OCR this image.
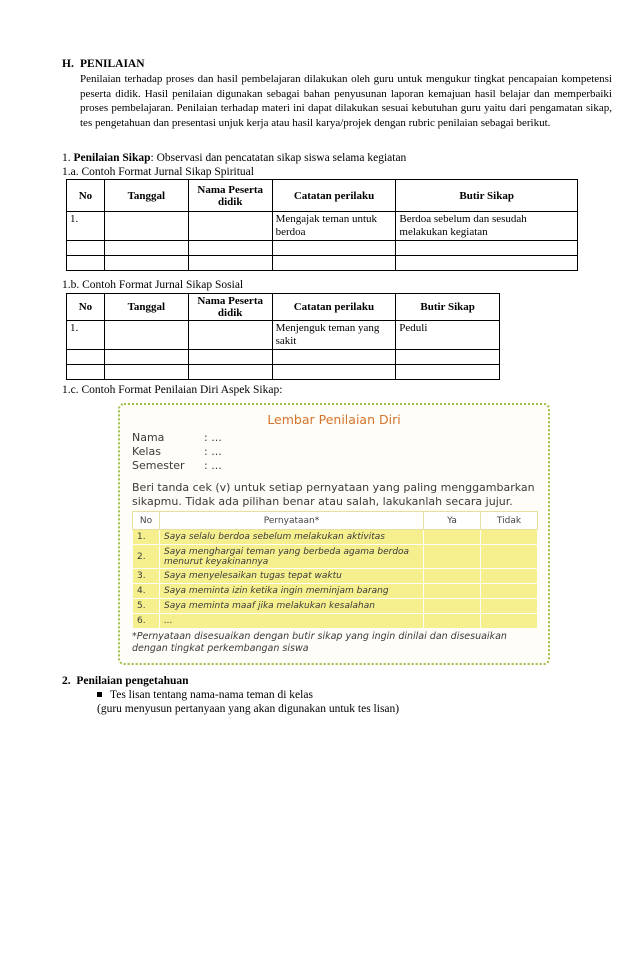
H. PENILAIAN
Penilaian terhadap proses dan hasil pembelajaran dilakukan oleh guru untuk mengukur tingkat pencapaian kompetensi peserta didik. Hasil penilaian digunakan sebagai bahan penyusunan laporan kemajuan hasil belajar dan memperbaiki proses pembelajaran. Penilaian terhadap materi ini dapat dilakukan sesuai kebutuhan guru yaitu dari pengamatan sikap, tes pengetahuan dan presentasi unjuk kerja atau hasil karya/projek dengan rubric penilaian sebagai berikut.
1. Penilaian Sikap: Observasi dan pencatatan sikap siswa selama kegiatan
1.a. Contoh Format Jurnal Sikap Spiritual
No	Tanggal	Nama Peserta didik	Catatan perilaku	Butir Sikap
1.			Mengajak teman untuk berdoa	Berdoa sebelum dan sesudah melakukan kegiatan

1.b. Contoh Format Jurnal Sikap Sosial
No	Tanggal	Nama Peserta didik	Catatan perilaku	Butir Sikap
1.			Menjenguk teman yang sakit	Peduli

1.c. Contoh Format Penilaian Diri Aspek Sikap:
Lembar Penilaian Diri
Nama	: ...
Kelas	: ...
Semester : ...
Beri tanda cek (v) untuk setiap pernyataan yang paling menggambarkan sikapmu. Tidak ada pilihan benar atau salah, lakukanlah secara jujur.
No	Pernyataan*	Ya	Tidak
1.	Saya selalu berdoa sebelum melakukan aktivitas		
2.	Saya menghargai teman yang berbeda agama berdoa menurut keyakinannya		
3.	Saya menyelesaikan tugas tepat waktu		
4.	Saya meminta izin ketika ingin meminjam barang		
5.	Saya meminta maaf jika melakukan kesalahan		
6.	...		
*Pernyataan disesuaikan dengan butir sikap yang ingin dinilai dan disesuaikan dengan tingkat perkembangan siswa
2. Penilaian pengetahuan
Tes lisan tentang nama-nama teman di kelas
(guru menyusun pertanyaan yang akan digunakan untuk tes lisan)
